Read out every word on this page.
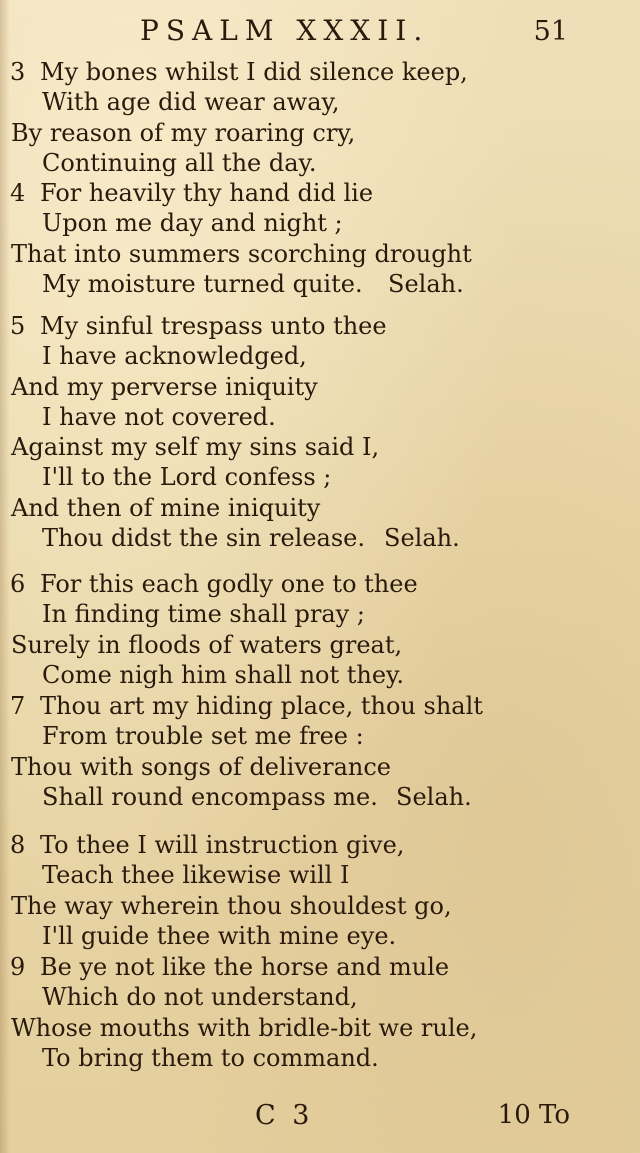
PSALM XXXII.	51
3 My bones whilst I did silence keep,
With age did wear away,
By reason of my roaring cry,
Continuing all the day.
4 For heavily thy hand did lie
Upon me day and night ;
That into summers scorching drought
My moisture turned quite. Selah.
5 My sinful trespass unto thee
I have acknowledged,
And my perverse iniquity
I have not covered.
Against my self my sins said I,
I'll to the Lord confess ;
And then of mine iniquity
Thou didst the sin release. Selah.
6 For this each godly one to thee
In finding time shall pray ;
Surely in floods of waters great,
Come nigh him shall not they.
7 Thou art my hiding place, thou shalt
From trouble set me free :
Thou with songs of deliverance
Shall round encompass me. Selah.
8 To thee I will instruction give,
Teach thee likewise will I
The way wherein thou shouldest go,
I'll guide thee with mine eye.
9 Be ye not like the horse and mule
Which do not understand,
Whose mouths with bridle-bit we rule,
To bring them to command.
C 3	10 To
